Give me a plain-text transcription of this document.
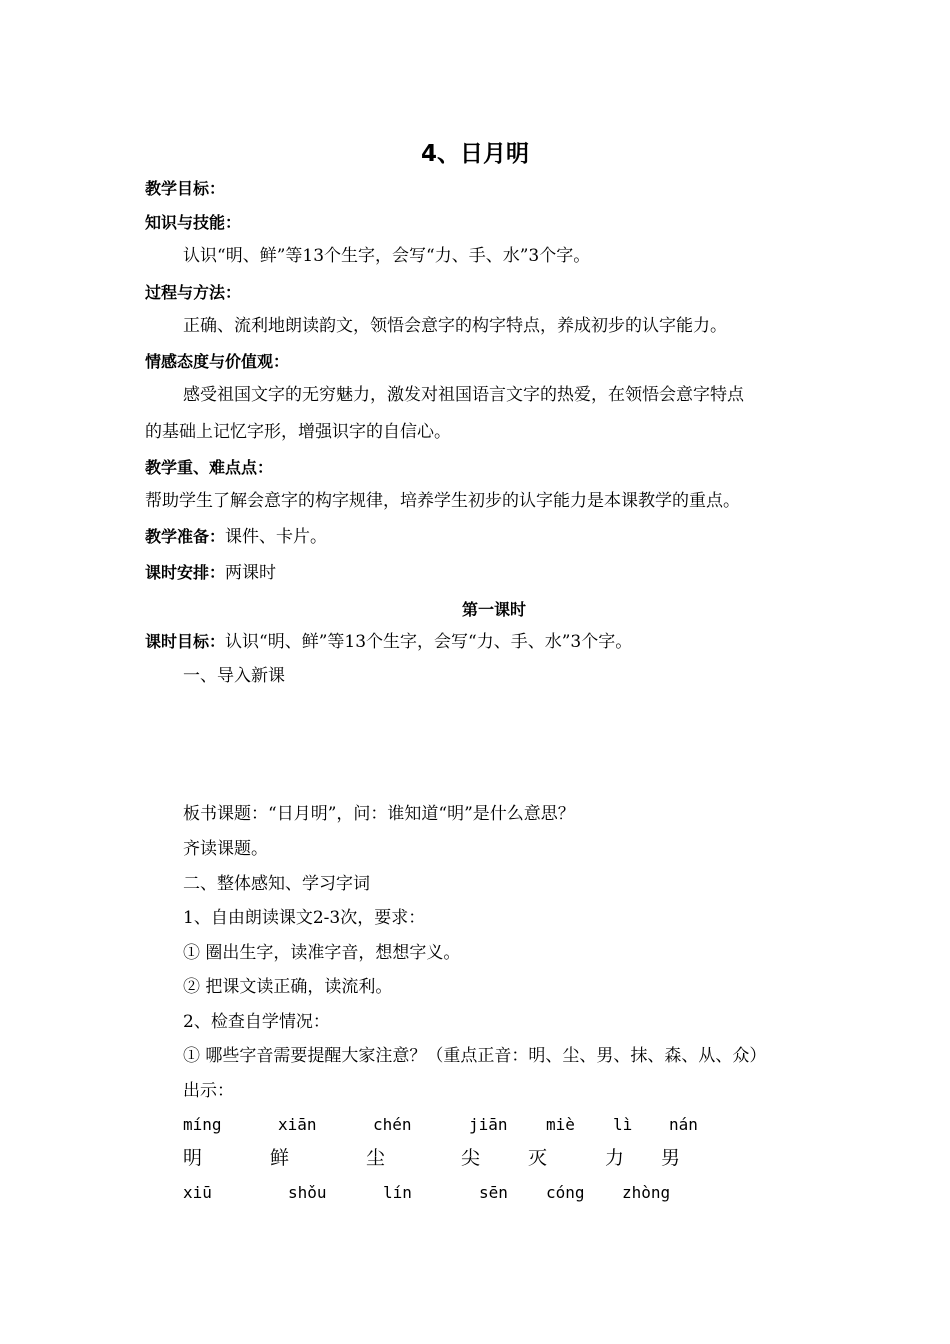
4、日月明
教学目标：
知识与技能：
认识“明、鲜”等13个生字，会写“力、手、水”3个字。
过程与方法：
正确、流利地朗读韵文，领悟会意字的构字特点，养成初步的认字能力。
情感态度与价值观：
感受祖国文字的无穷魅力，激发对祖国语言文字的热爱，在领悟会意字特点
的基础上记忆字形，增强识字的自信心。
教学重、难点点：
帮助学生了解会意字的构字规律，培养学生初步的认字能力是本课教学的重点。
教学准备：课件、卡片。
课时安排：两课时
第一课时
课时目标：认识“明、鲜”等13个生字，会写“力、手、水”3个字。
一、导入新课
板书课题：“日月明”，问：谁知道“明”是什么意思？
齐读课题。
二、整体感知、学习字词
1、自由朗读课文2-3次，要求：
① 圈出生字，读准字音，想想字义。
② 把课文读正确，读流利。
2、检查自学情况：
① 哪些字音需要提醒大家注意？（重点正音：明、尘、男、抹、森、从、众）
出示：
míng	xiān	chén	jiān miè lì nán
明	鲜	尘	尖	灭	力 男
xiū	shǒu	lín	sēn cóng zhòng
